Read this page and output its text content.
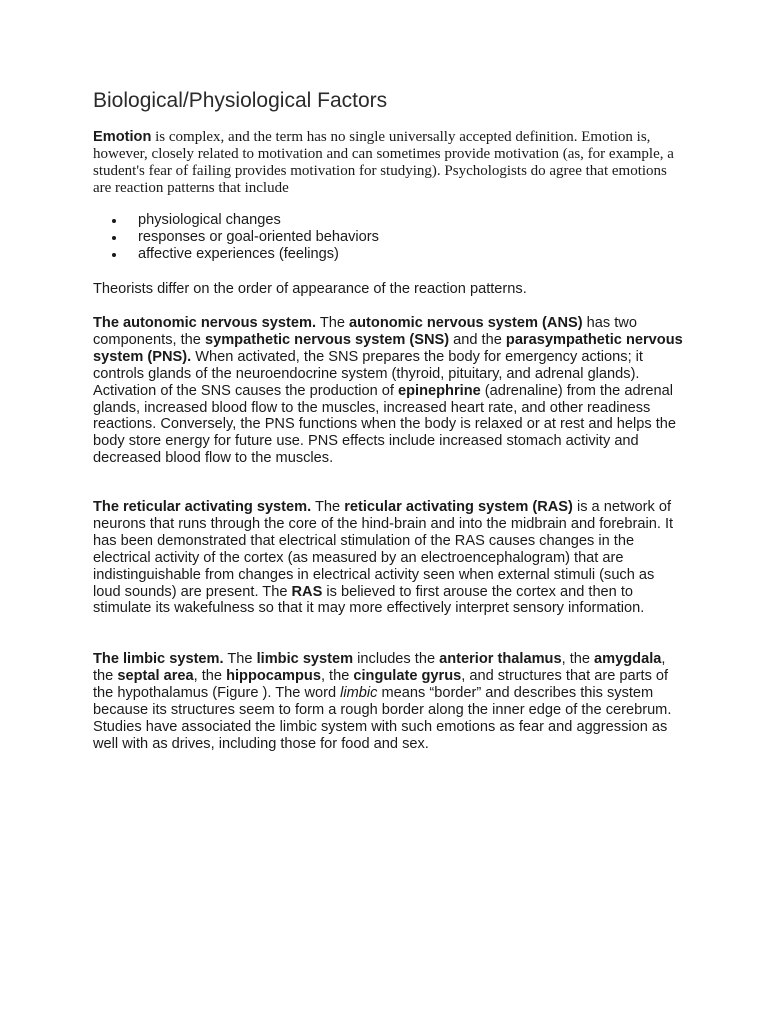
Biological/Physiological Factors

Emotion is complex, and the term has no single universally accepted definition. Emotion is, however, closely related to motivation and can sometimes provide motivation (as, for example, a student's fear of failing provides motivation for studying). Psychologists do agree that emotions are reaction patterns that include

physiological changes
responses or goal-oriented behaviors
affective experiences (feelings)

Theorists differ on the order of appearance of the reaction patterns.

The autonomic nervous system. The autonomic nervous system (ANS) has two components, the sympathetic nervous system (SNS) and the parasympathetic nervous system (PNS). When activated, the SNS prepares the body for emergency actions; it controls glands of the neuroendocrine system (thyroid, pituitary, and adrenal glands). Activation of the SNS causes the production of epinephrine (adrenaline) from the adrenal glands, increased blood flow to the muscles, increased heart rate, and other readiness reactions. Conversely, the PNS functions when the body is relaxed or at rest and helps the body store energy for future use. PNS effects include increased stomach activity and decreased blood flow to the muscles.

The reticular activating system. The reticular activating system (RAS) is a network of neurons that runs through the core of the hind-brain and into the midbrain and forebrain. It has been demonstrated that electrical stimulation of the RAS causes changes in the electrical activity of the cortex (as measured by an electroencephalogram) that are indistinguishable from changes in electrical activity seen when external stimuli (such as loud sounds) are present. The RAS is believed to first arouse the cortex and then to stimulate its wakefulness so that it may more effectively interpret sensory information.

The limbic system. The limbic system includes the anterior thalamus, the amygdala, the septal area, the hippocampus, the cingulate gyrus, and structures that are parts of the hypothalamus (Figure ). The word limbic means “border” and describes this system because its structures seem to form a rough border along the inner edge of the cerebrum. Studies have associated the limbic system with such emotions as fear and aggression as well with as drives, including those for food and sex.
